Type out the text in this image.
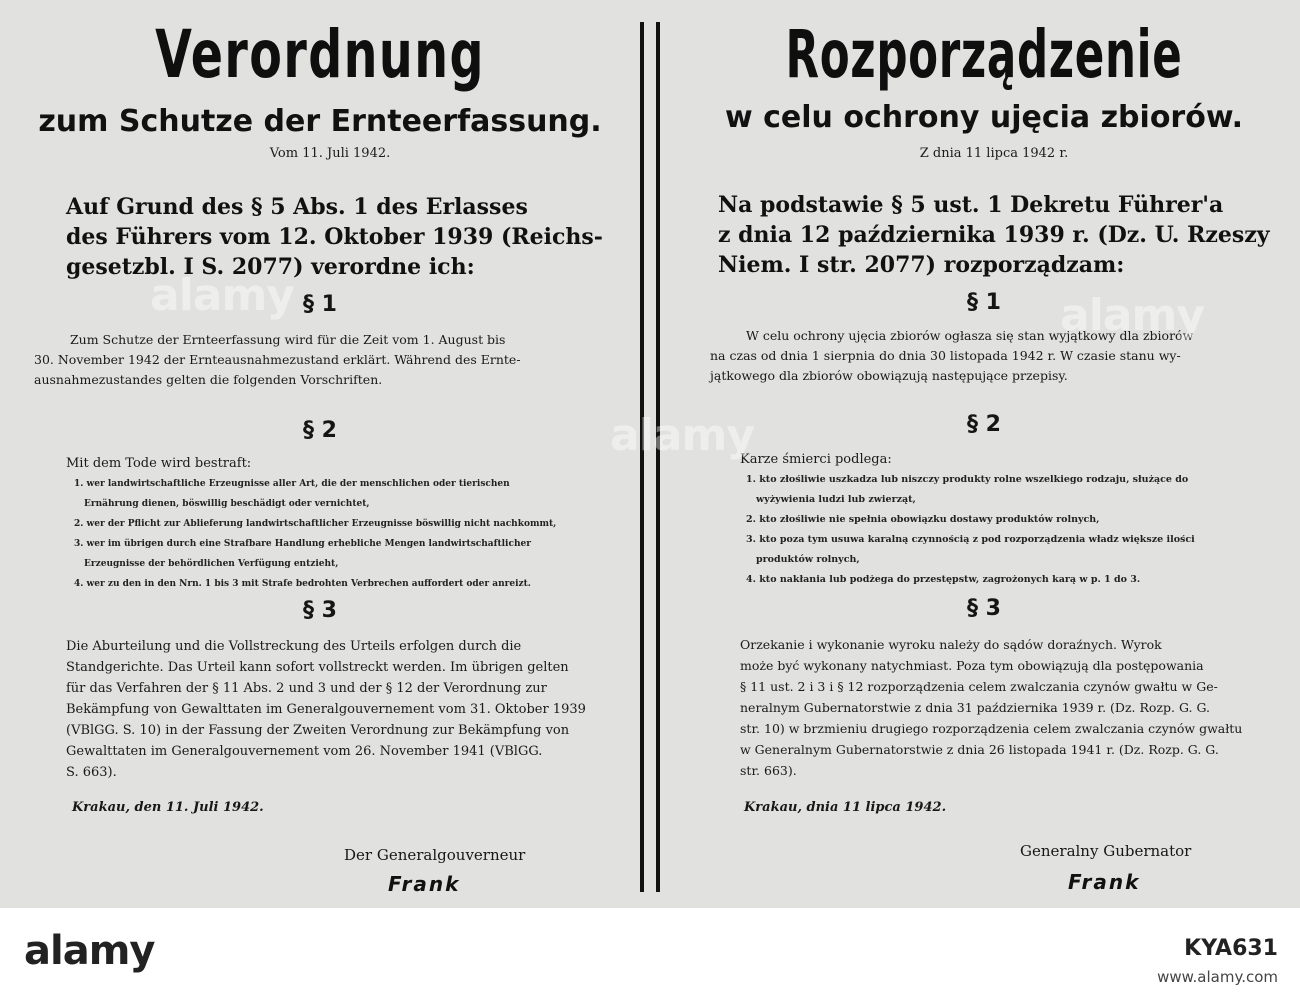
Verordnung
zum Schutze der Ernteerfassung.
Vom 11. Juli 1942.
Auf Grund des § 5 Abs. 1 des Erlasses
des Führers vom 12. Oktober 1939 (Reichs-
gesetzbl. I S. 2077) verordne ich:
§ 1
Zum Schutze der Ernteerfassung wird für die Zeit vom 1. August bis
30. November 1942 der Ernteausnahmezustand erklärt. Während des Ernte-
ausnahmezustandes gelten die folgenden Vorschriften.
§ 2
Mit dem Tode wird bestraft:
1. wer landwirtschaftliche Erzeugnisse aller Art, die der menschlichen oder tierischen
Ernährung dienen, böswillig beschädigt oder vernichtet,
2. wer der Pflicht zur Ablieferung landwirtschaftlicher Erzeugnisse böswillig nicht nachkommt,
3. wer im übrigen durch eine Strafbare Handlung erhebliche Mengen landwirtschaftlicher
Erzeugnisse der behördlichen Verfügung entzieht,
4. wer zu den in den Nrn. 1 bis 3 mit Strafe bedrohten Verbrechen auffordert oder anreizt.
§ 3
Die Aburteilung und die Vollstreckung des Urteils erfolgen durch die
Standgerichte. Das Urteil kann sofort vollstreckt werden. Im übrigen gelten
für das Verfahren der § 11 Abs. 2 und 3 und der § 12 der Verordnung zur
Bekämpfung von Gewalttaten im Generalgouvernement vom 31. Oktober 1939
(VBlGG. S. 10) in der Fassung der Zweiten Verordnung zur Bekämpfung von
Gewalttaten im Generalgouvernement vom 26. November 1941 (VBlGG.
S. 663).
Krakau, den 11. Juli 1942.
Der Generalgouverneur
Frank
Rozporządzenie
w celu ochrony ujęcia zbiorów.
Z dnia 11 lipca 1942 r.
Na podstawie § 5 ust. 1 Dekretu Führer'a
z dnia 12 października 1939 r. (Dz. U. Rzeszy
Niem. I str. 2077) rozporządzam:
§ 1
W celu ochrony ujęcia zbiorów ogłasza się stan wyjątkowy dla zbiorów
na czas od dnia 1 sierpnia do dnia 30 listopada 1942 r. W czasie stanu wy-
jątkowego dla zbiorów obowiązują następujące przepisy.
§ 2
Karze śmierci podlega:
1. kto złośliwie uszkadza lub niszczy produkty rolne wszelkiego rodzaju, służące do
wyżywienia ludzi lub zwierząt,
2. kto złośliwie nie spełnia obowiązku dostawy produktów rolnych,
3. kto poza tym usuwa karalną czynnością z pod rozporządzenia władz większe ilości
produktów rolnych,
4. kto nakłania lub podżega do przestępstw, zagrożonych karą w p. 1 do 3.
§ 3
Orzekanie i wykonanie wyroku należy do sądów doraźnych. Wyrok
może być wykonany natychmiast. Poza tym obowiązują dla postępowania
§ 11 ust. 2 i 3 i § 12 rozporządzenia celem zwalczania czynów gwałtu w Ge-
neralnym Gubernatorstwie z dnia 31 października 1939 r. (Dz. Rozp. G. G.
str. 10) w brzmieniu drugiego rozporządzenia celem zwalczania czynów gwałtu
w Generalnym Gubernatorstwie z dnia 26 listopada 1941 r. (Dz. Rozp. G. G.
str. 663).
Krakau, dnia 11 lipca 1942.
Generalny Gubernator
Frank
alamy
alamy
alamy
alamy	KYA631
www.alamy.com
